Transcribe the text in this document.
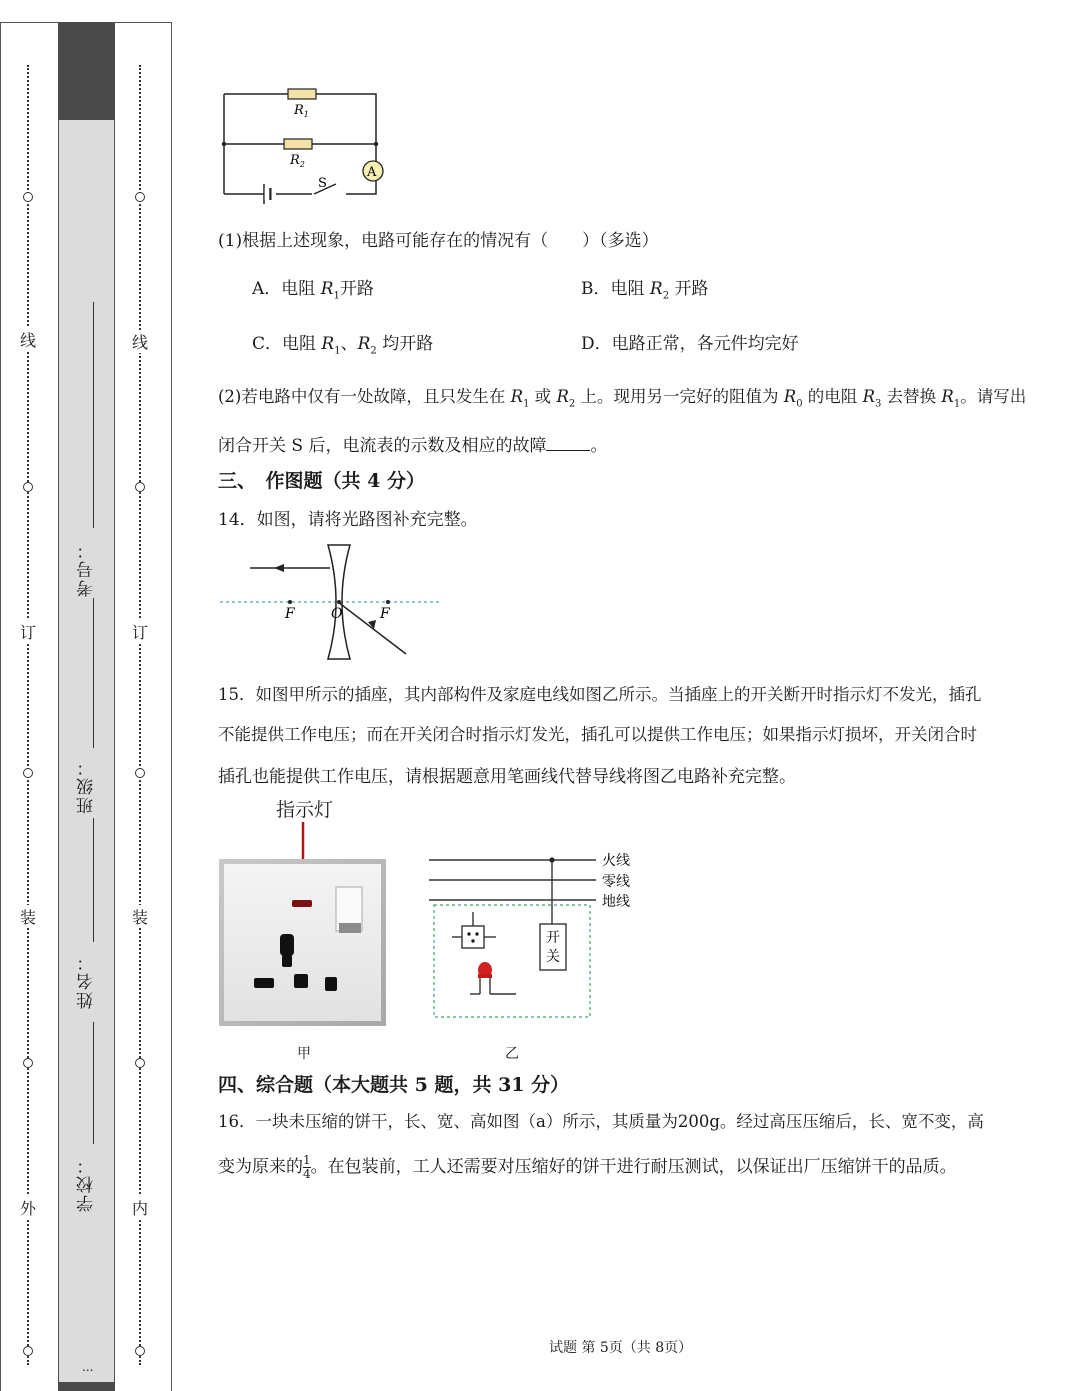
线
订
装
外
线
订
装
内
考号：
班级：
姓名：
学校：
...
A
$R_1$
$R_2$
S
(1)根据上述现象，电路可能存在的情况有（　　）（多选）
A．电阻 $R_1$开路	B．电阻 $R_2$ 开路
C．电阻 $R_1$、$R_2$ 均开路	D．电路正常，各元件均完好
(2)若电路中仅有一处故障，且只发生在 $R_1$ 或 $R_2$ 上。现用另一完好的阻值为 $R_0$ 的电阻 $R_3$ 去替换 $R_1$。请写出
闭合开关 S 后，电流表的示数及相应的故障	。
三、　作图题（共 4 分）
14．如图，请将光路图补充完整。
F	O	F
15．如图甲所示的插座，其内部构件及家庭电线如图乙所示。当插座上的开关断开时指示灯不发光，插孔
不能提供工作电压；而在开关闭合时指示灯发光，插孔可以提供工作电压；如果指示灯损坏，开关闭合时
插孔也能提供工作电压，请根据题意用笔画线代替导线将图乙电路补充完整。
指示灯
开
关
火线
零线
地线
甲	乙
四、综合题（本大题共 5 题，共 31 分）
16．一块未压缩的饼干，长、宽、高如图（a）所示，其质量为200g。经过高压压缩后，长、宽不变，高
变为原来的 $\frac{1}{4}$ 。在包装前，工人还需要对压缩好的饼干进行耐压测试，以保证出厂压缩饼干的品质。
试题 第 5页（共 8页）
